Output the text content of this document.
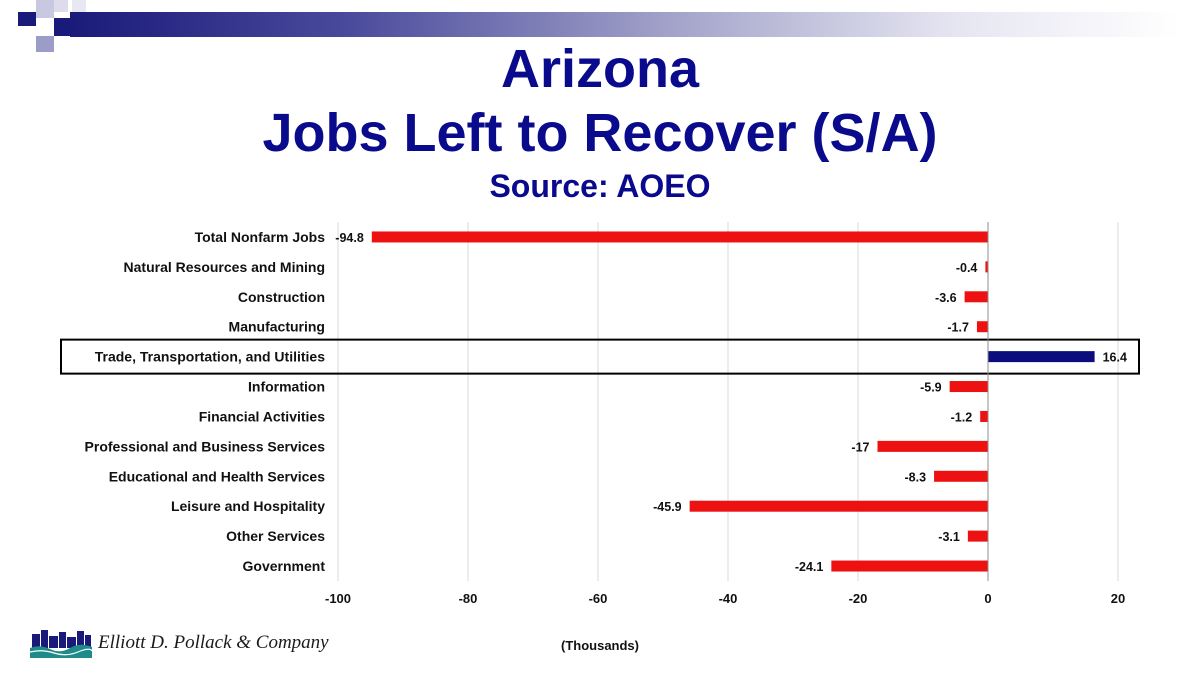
Arizona
Jobs Left to Recover (S/A)
Source: AOEO
Total Nonfarm Jobs -94.8
Natural Resources and Mining	-0.4
Construction	-3.6
Manufacturing	-1.7
Trade, Transportation, and Utilities	16.4
Information	-5.9
Financial Activities	-1.2
Professional and Business Services	-17
Educational and Health Services	-8.3
Leisure and Hospitality	-45.9
Other Services	-3.1
Government	-24.1
-100	-80	-60	-40	-20	0	20
(Thousands)
Elliott D. Pollack & Company
